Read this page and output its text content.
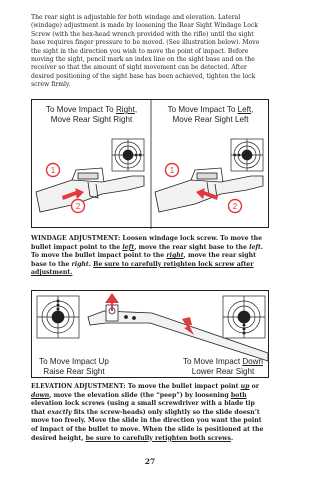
The rear sight is adjustable for both windage and elevation. Lateral (windage) adjustment is made by loosening the Rear Sight Windage Lock Screw (with the hex-head wrench provided with the rifle) until the sight base requires finger pressure to be moved. (See illustration below). Move the sight in the direction you wish to move the point of impact. Before moving the sight, pencil mark an index line on the sight base and on the receiver so that the amount of sight movement can be detected. After desired positioning of the sight base has been achieved, tighten the lock screw firmly.

1
2
1
2
To Move Impact To Right,
Move Rear Sight Right
To Move Impact To Left,
Move Rear Sight Left

WINDAGE ADJUSTMENT: Loosen windage lock screw. To move the bullet impact point to the left, move the rear sight base to the left. To move the bullet impact point to the right, move the rear sight base to the right. Be sure to carefully retighten lock screw after adjustment.

To Move Impact Up
Raise Rear Sight
To Move Impact Down
Lower Rear Sight

ELEVATION ADJUSTMENT: To move the bullet impact point up or down, move the elevation slide (the “peep”) by loosening both elevation lock screws (using a small screwdriver with a blade tip that exactly fits the screw-heads) only slightly so the slide doesn’t move too freely. Move the slide in the direction you want the point of impact of the bullet to move. When the slide is positioned at the desired height, be sure to carefully retighten both screws.

27
